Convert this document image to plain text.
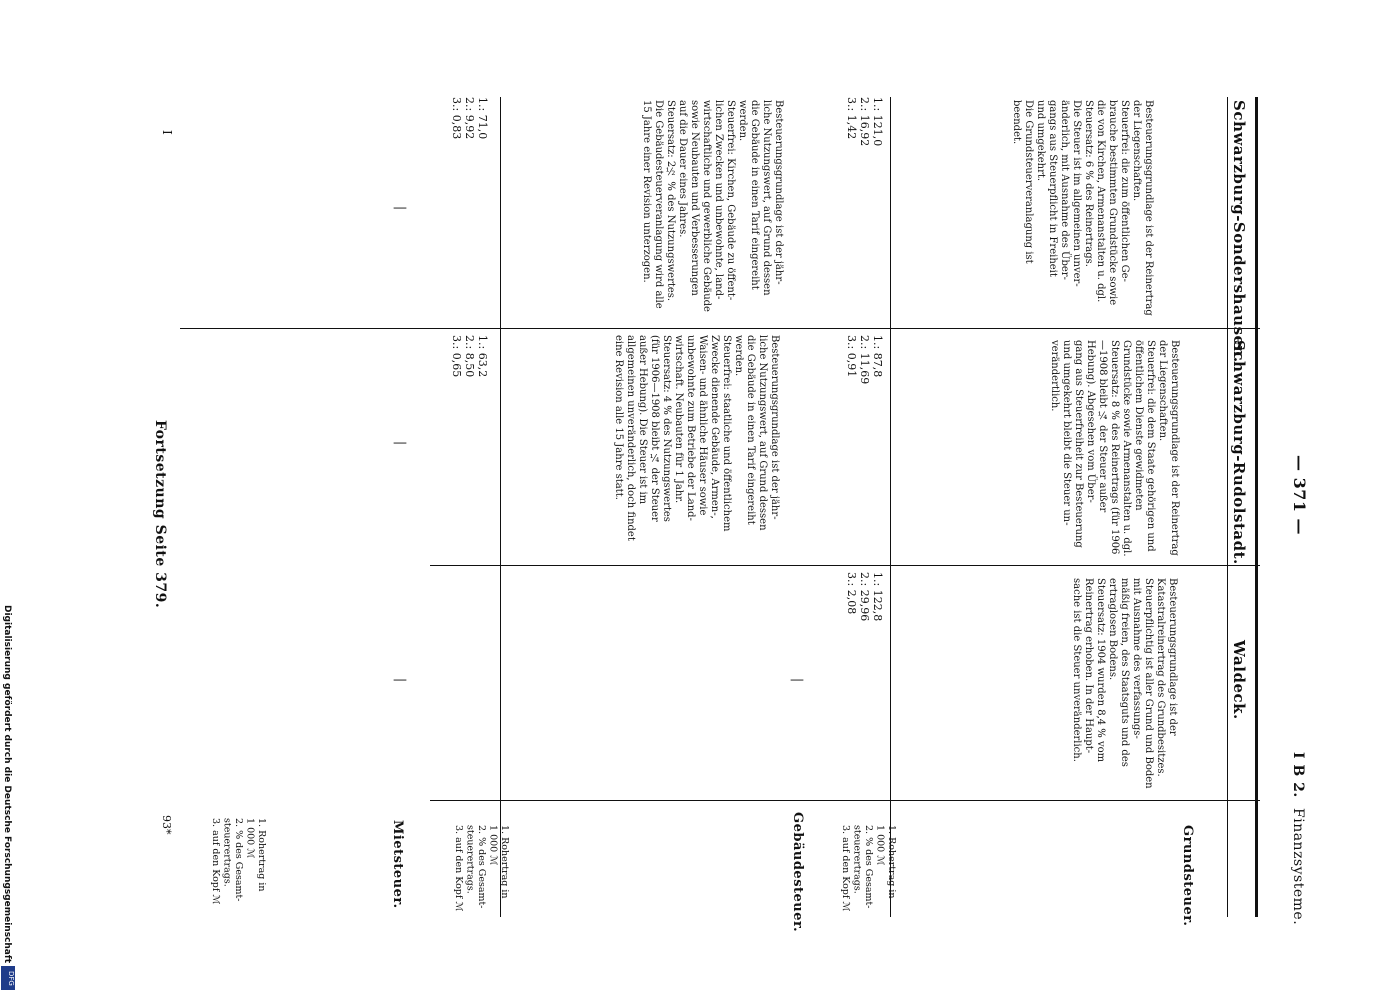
— 371 —
I B 2.
Finanzsysteme.
Waldeck.
Schwarzburg-Rudolstadt.
Schwarzburg-Sondershausen.
Grundsteuer.
1. Rohertrag in
1 000 ℳ
2. % des Gesamt-
steuerertrags.
3. auf den Kopf ℳ
Gebäudesteuer.
1. Rohertrag in
1 000 ℳ
2. % des Gesamt-
steuerertrags.
3. auf den Kopf ℳ
Mietsteuer.
1. Rohertrag in
1 000 ℳ
2. % des Gesamt-
steuerertrags.
3. auf den Kopf ℳ
Besteuerungsgrundlage ist der Katastralreinertrag des Grundbesitzes.
Steuerpflichtig ist aller Grund und Boden mit Ausnahme des verfassungs-
mäßig freien, des Staatsguts und des ertraglosen Bodens.
Steuersatz: 1904 wurden 8,4 % vom Reinertrag erhoben. In der Haupt-
sache ist die Steuer unveränderlich.
1.: 122,8
2.: 29,96
3.: 2,08
—
—
Besteuerungsgrundlage ist der Reinertrag der Liegenschaften.
Steuerfrei: die dem Staate gehörigen und öffentlichem Dienste gewidmeten
Grundstücke sowie Armenanstalten u. dgl.
Steuersatz: 8 % des Reinertrags (für 1906—1908 bleibt ¼ der Steuer außer Hebung). Abgesehen vom Über-
gang aus Steuerfreiheit zur Besteuerung und umgekehrt bleibt die Steuer un-
verändertlich.
1.: 87,8
2.: 11,69
3.: 0,91
Besteuerungsgrundlage ist der jähr-
liche Nutzungswert, auf Grund dessen
die Gebäude in einen Tarif eingereiht
werden.
Steuerfrei: staatliche und öffentlichem
Zwecke dienende Gebäude, Armen-,
Waisen- und ähnliche Häuser sowie
unbewohnte zum Betriebe der Land-
wirtschaft. Neubauten für 1 Jahr.
Steuersatz: 4 % des Nutzungswertes
(für 1906—1908 bleibt ¼ der Steuer
außer Hebung). Die Steuer ist im
allgemeinen unveränderlich, doch findet
eine Revision alle 15 Jahre statt.
1.: 63,2
2.: 8,50
3.: 0,65
—
Besteuerungsgrundlage ist der Reinertrag der Liegenschaften.
Steuerfrei: die zum öffentlichen Ge-
brauche bestimmten Grundstücke sowie
die von Kirchen, Armenanstalten u. dgl.
Steuersatz: 6 % des Reinertrags.
Die Steuer ist im allgemeinen unver-
änderlich, mit Ausnahme des Über-
gangs aus Steuerpflicht in Freiheit
und umgekehrt.
Die Grundsteuerveranlagung ist
beendet.
1.: 121,0
2.: 16,92
3.: 1,42
Besteuerungsgrundlage ist der jähr-
liche Nutzungswert, auf Grund dessen
die Gebäude in einen Tarif eingereiht
werden.
Steuerfrei: Kirchen, Gebäude zu öffent-
lichen Zwecken und unbewohnte, land-
wirtschaftliche und gewerbliche Gebäude
sowie Neubauten und Verbesserungen
auf die Dauer eines Jahres.
Steuersatz: 2½ % des Nutzungswertes.
Die Gebäudesteuerveranlagung wird alle
15 Jahre einer Revision unterzogen.
1.: 71,0
2.: 9,92
3.: 0,83
—
Fortsetzung Seite 379.
93*
I
Digitalisierung gefördert durch die Deutsche Forschungsgemeinschaft
DFG
